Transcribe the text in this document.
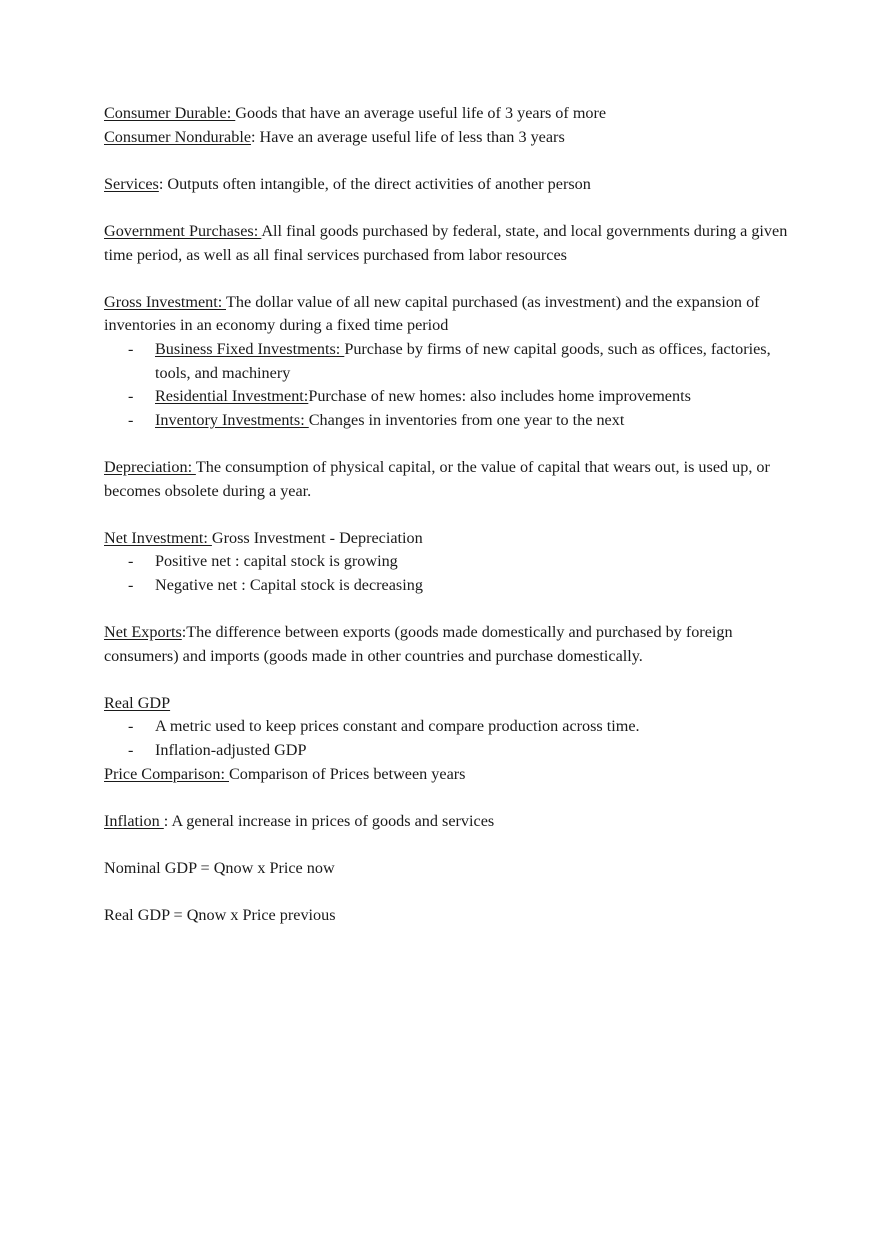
Consumer Durable: Goods that have an average useful life of 3 years of more

Consumer Nondurable: Have an average useful life of less than 3 years

Services: Outputs often intangible, of the direct activities of another person

Government Purchases: All final goods purchased by federal, state, and local governments during a given time period, as well as all final services purchased from labor resources

Gross Investment: The dollar value of all new capital purchased (as investment) and the expansion of inventories in an economy during a fixed time period

- Business Fixed Investments: Purchase by firms of new capital goods, such as offices, factories, tools, and machinery
- Residential Investment:Purchase of new homes: also includes home improvements
- Inventory Investments: Changes in inventories from one year to the next

Depreciation: The consumption of physical capital, or the value of capital that wears out, is used up, or becomes obsolete during a year.

Net Investment: Gross Investment - Depreciation

- Positive net : capital stock is growing
- Negative net : Capital stock is decreasing

Net Exports:The difference between exports (goods made domestically and purchased by foreign consumers) and imports (goods made in other countries and purchase domestically.

Real GDP

- A metric used to keep prices constant and compare production across time.
- Inflation-adjusted GDP

Price Comparison: Comparison of Prices between years

Inflation : A general increase in prices of goods and services

Nominal GDP = Qnow x Price now

Real GDP = Qnow x Price previous
